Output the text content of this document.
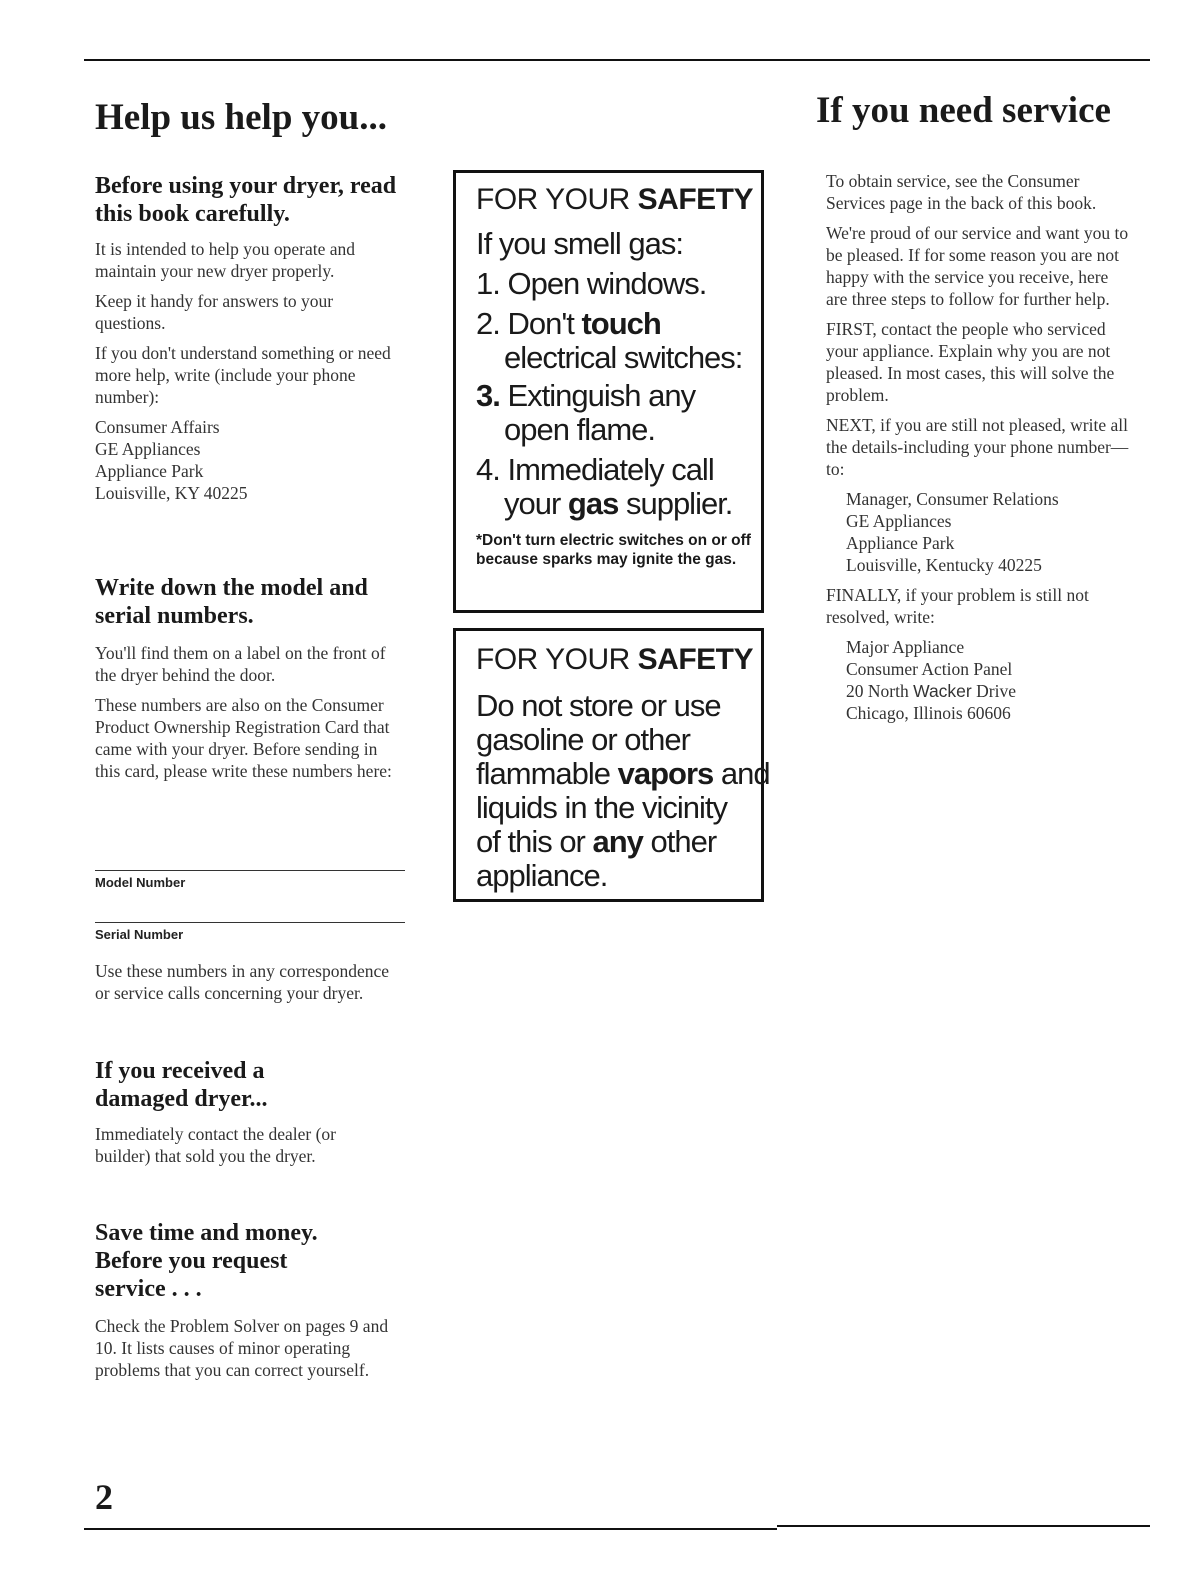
Help us help you...	If you need service
Before using your dryer, read this book carefully.

It is intended to help you operate and maintain your new dryer properly.

Keep it handy for answers to your questions.

If you don't understand something or need more help, write (include your phone number):

Consumer Affairs
GE Appliances
Appliance Park
Louisville, KY 40225
Write down the model and serial numbers.

You'll find them on a label on the front of the dryer behind the door.

These numbers are also on the Consumer Product Ownership Registration Card that came with your dryer. Before sending in this card, please write these numbers here:

Model Number
Serial Number

Use these numbers in any correspondence or service calls concerning your dryer.

If you received a damaged dryer...

Immediately contact the dealer (or builder) that sold you the dryer.

Save time and money.
Before you request
service . . .

Check the Problem Solver on pages 9 and 10. It lists causes of minor operating problems that you can correct yourself.

FOR YOUR SAFETY
If you smell gas:
1. Open windows.
2. Don't touch
electrical switches:
3. Extinguish any
open flame.
4. Immediately call
your gas supplier.
*Don't turn electric switches on or off because sparks may ignite the gas.
FOR YOUR SAFETY
Do not store or use
gasoline or other
flammable vapors and
liquids in the vicinity
of this or any other
appliance.

To obtain service, see the Consumer Services page in the back of this book.

We're proud of our service and want you to be pleased. If for some reason you are not happy with the service you receive, here are three steps to follow for further help.

FIRST, contact the people who serviced your appliance. Explain why you are not pleased. In most cases, this will solve the problem.

NEXT, if you are still not pleased, write all the details-including your phone number—to:

Manager, Consumer Relations
GE Appliances
Appliance Park
Louisville, Kentucky 40225

FINALLY, if your problem is still not resolved, write:

Major Appliance
Consumer Action Panel
20 North Wacker Drive
Chicago, Illinois 60606
2
